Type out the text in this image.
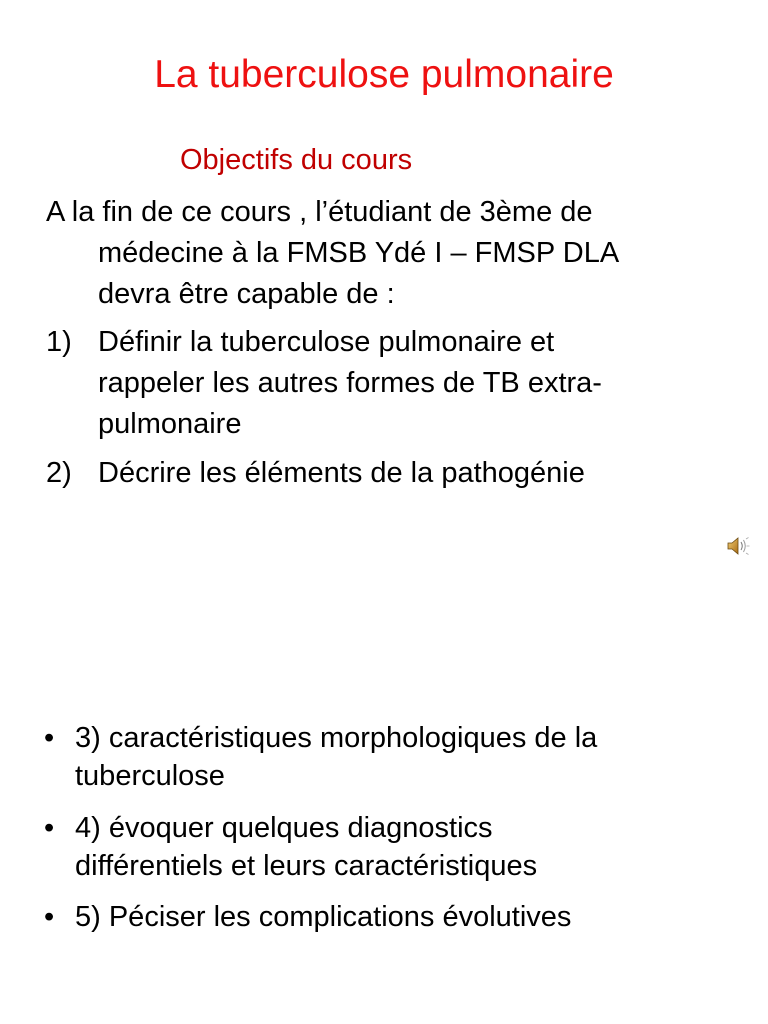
La tuberculose pulmonaire

Objectifs du cours

A la fin de ce cours , l’étudiant de 3ème de
médecine à la FMSB Ydé I – FMSP DLA
devra être capable de :
1) Définir la tuberculose pulmonaire et
rappeler les autres formes de TB extra-
pulmonaire
2) Décrire les éléments de la pathogénie
• 3) caractéristiques morphologiques de la
tuberculose
• 4) évoquer quelques diagnostics
différentiels et leurs caractéristiques
• 5) Péciser les complications évolutives
